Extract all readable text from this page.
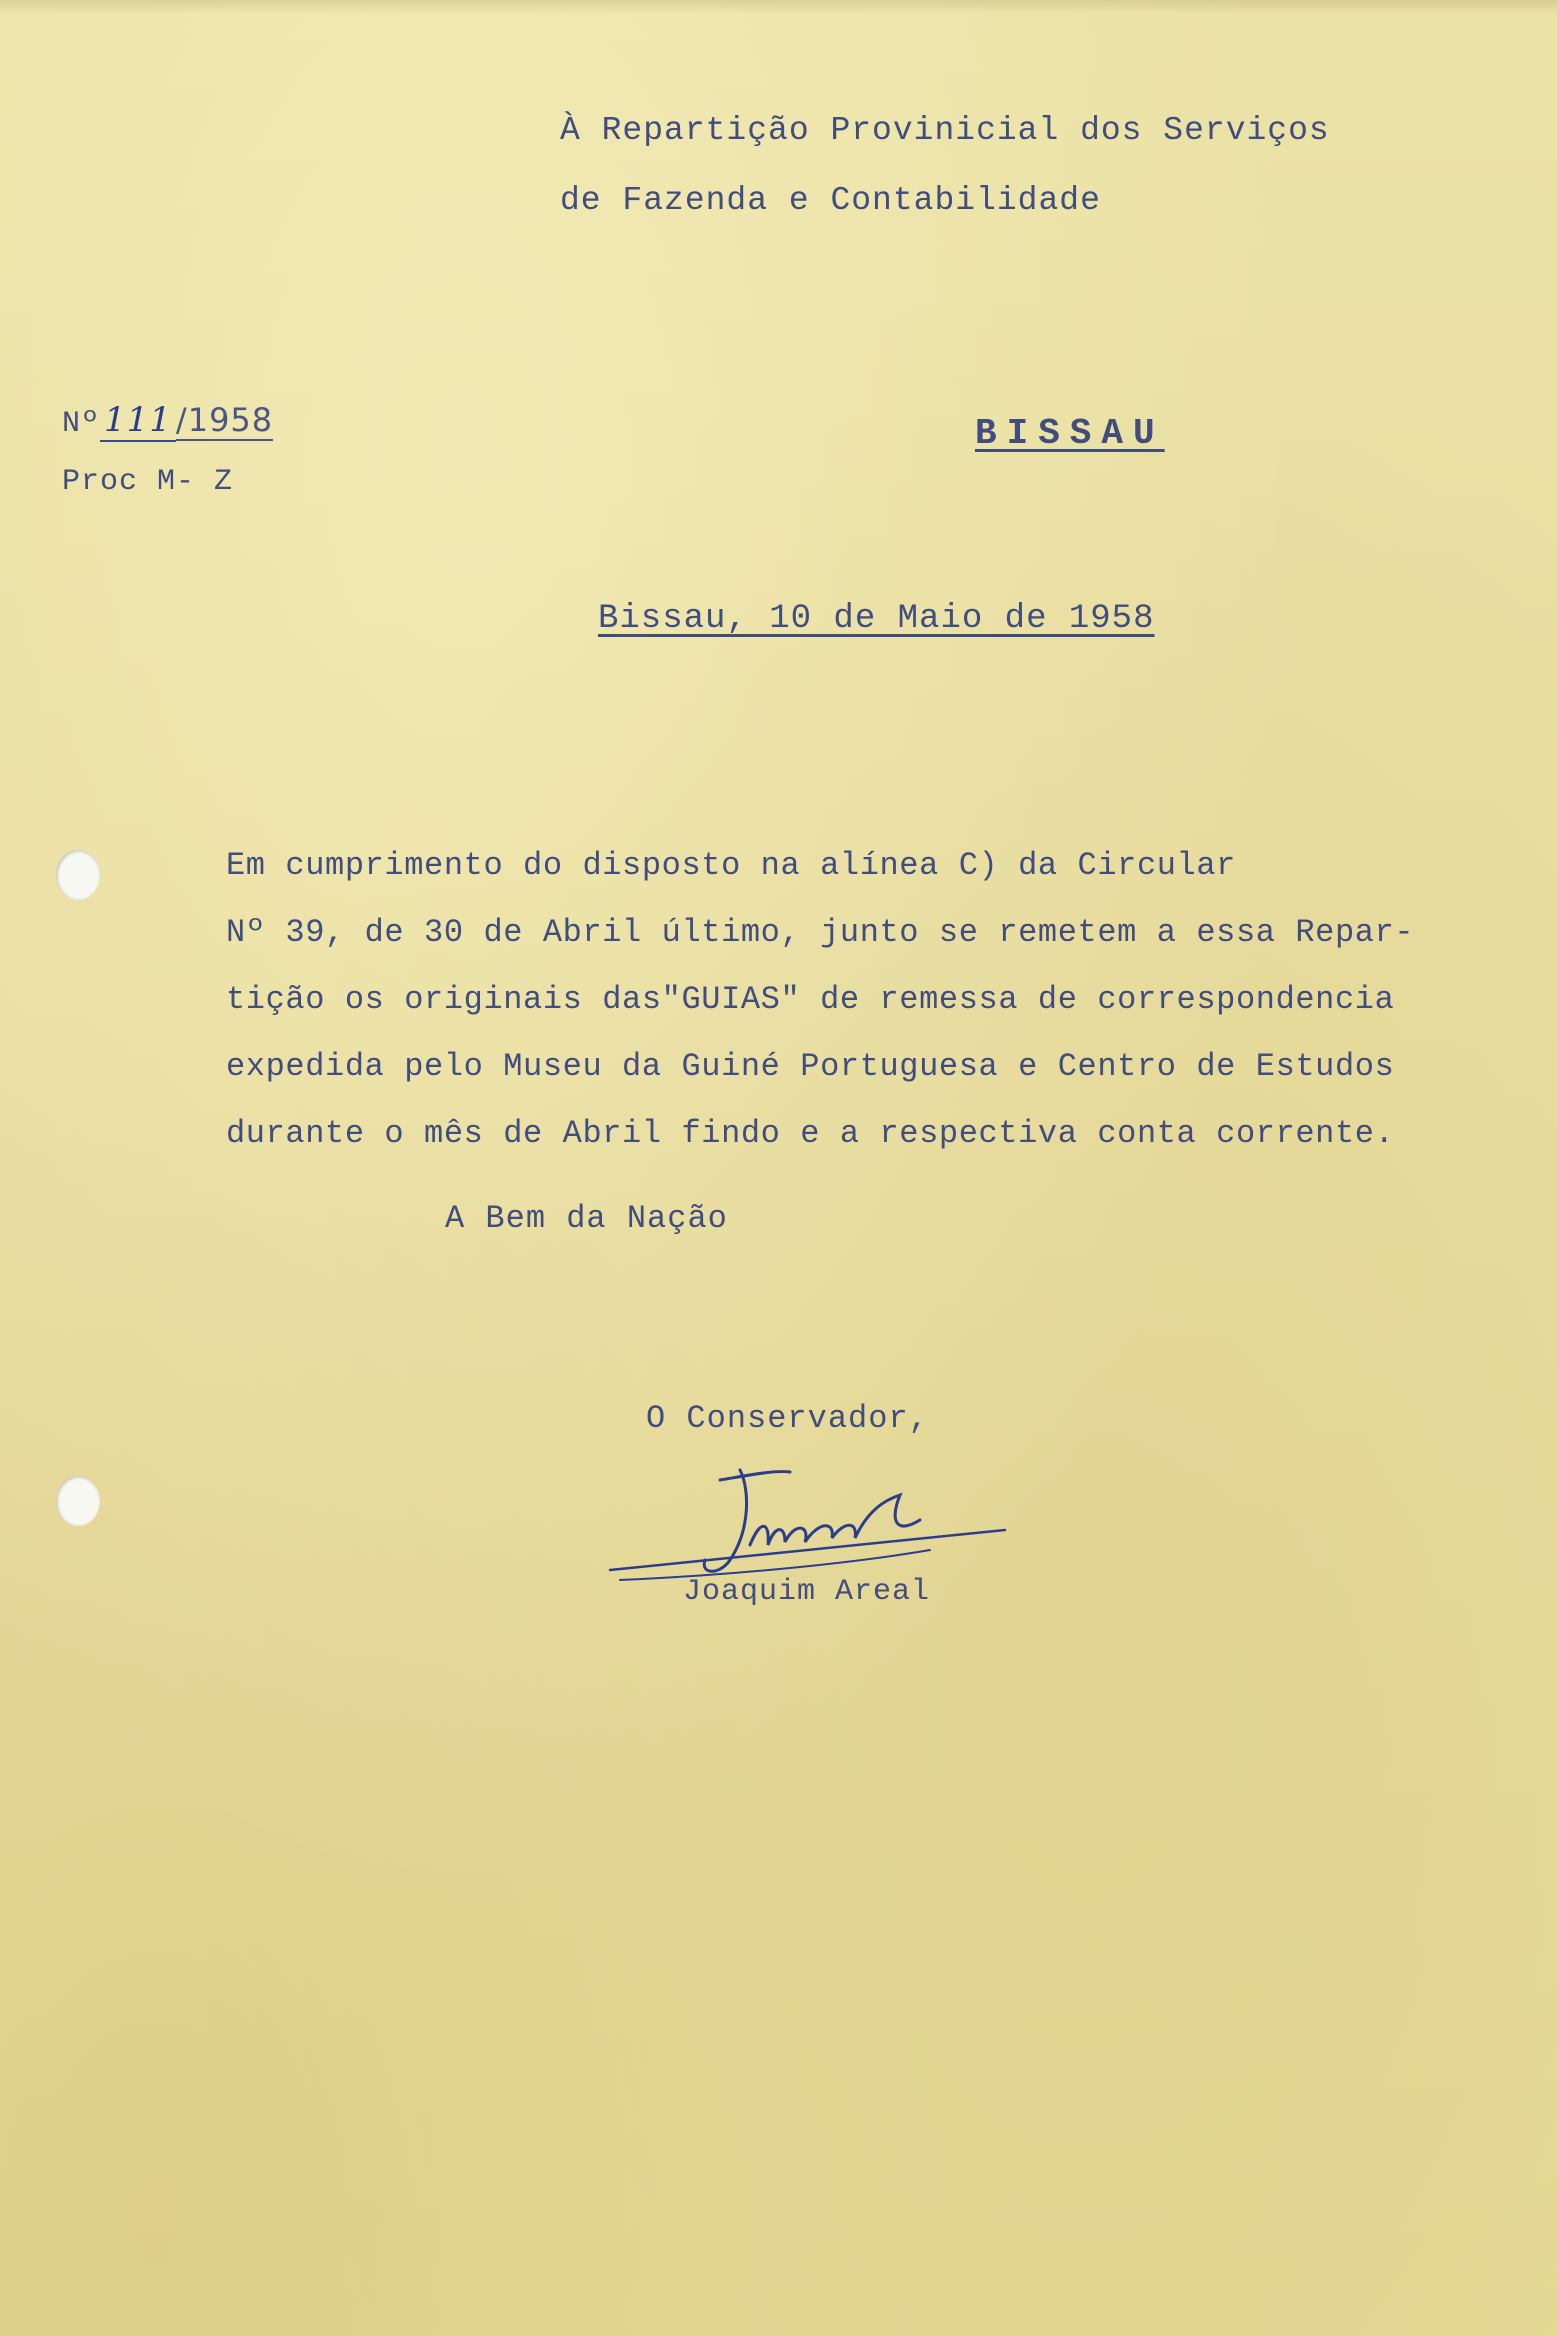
À Repartição Provinicial dos Serviços
de Fazenda e Contabilidade
Nº 111 /1958
Proc M- Z
BISSAU
Bissau, 10 de Maio de 1958
Em cumprimento do disposto na alínea C) da Circular
Nº 39, de 30 de Abril último, junto se remetem a essa Repar-
tição os originais das"GUIAS" de remessa de correspondencia
expedida pelo Museu da Guiné Portuguesa e Centro de Estudos
durante o mês de Abril findo e a respectiva conta corrente.
A Bem da Nação
O Conservador,
Joaquim Areal
